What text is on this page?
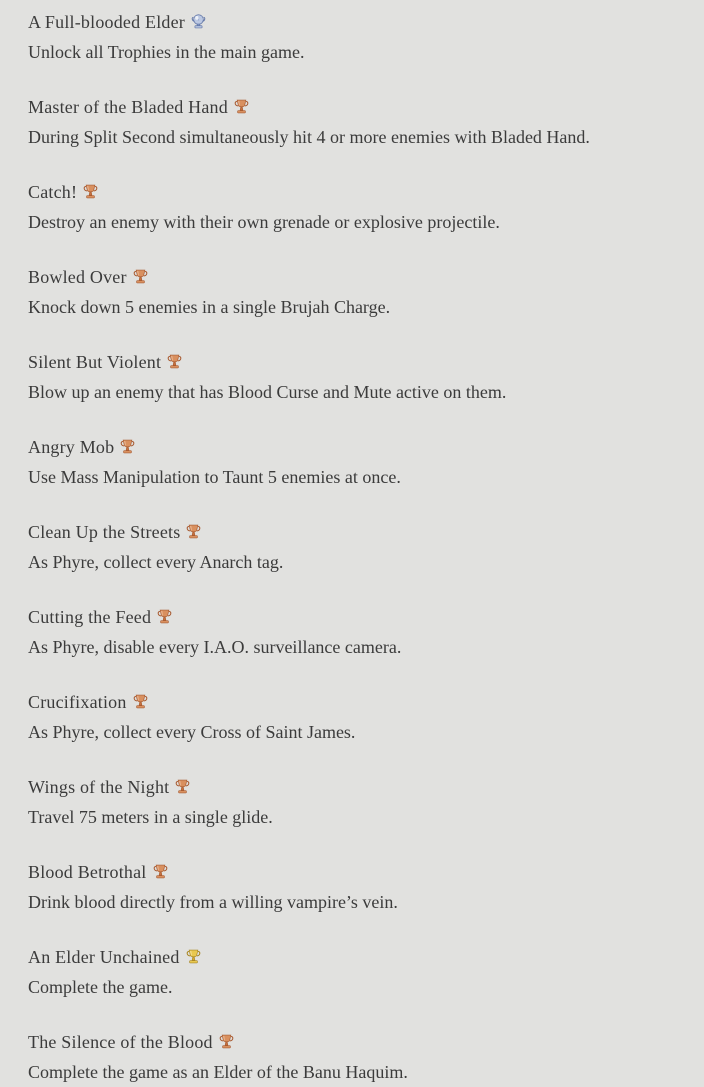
A Full-blooded Elder
Unlock all Trophies in the main game.
Master of the Bladed Hand
During Split Second simultaneously hit 4 or more enemies with Bladed Hand.
Catch!
Destroy an enemy with their own grenade or explosive projectile.
Bowled Over
Knock down 5 enemies in a single Brujah Charge.
Silent But Violent
Blow up an enemy that has Blood Curse and Mute active on them.
Angry Mob
Use Mass Manipulation to Taunt 5 enemies at once.
Clean Up the Streets
As Phyre, collect every Anarch tag.
Cutting the Feed
As Phyre, disable every I.A.O. surveillance camera.
Crucifixation
As Phyre, collect every Cross of Saint James.
Wings of the Night
Travel 75 meters in a single glide.
Blood Betrothal
Drink blood directly from a willing vampire’s vein.
An Elder Unchained
Complete the game.
The Silence of the Blood
Complete the game as an Elder of the Banu Haquim.
